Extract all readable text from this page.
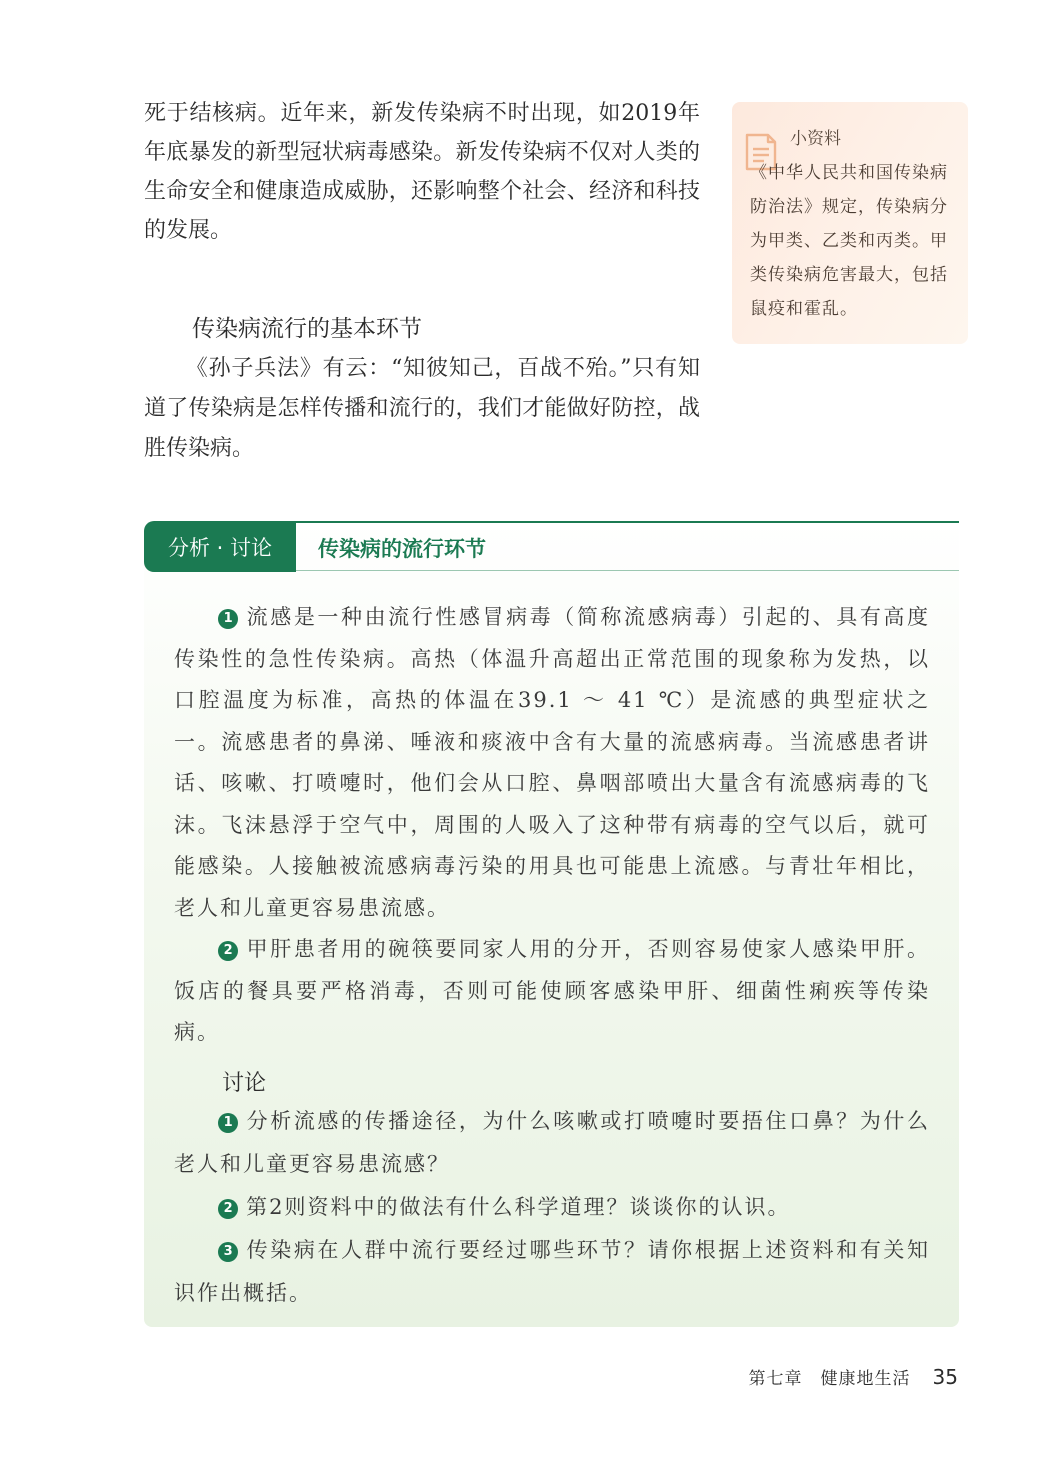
死于结核病。近年来，新发传染病不时出现，如2019年年底暴发的新型冠状病毒感染。新发传染病不仅对人类的生命安全和健康造成威胁，还影响整个社会、经济和科技的发展。

传染病流行的基本环节

《孙子兵法》有云：“知彼知己，百战不殆。”只有知道了传染病是怎样传播和流行的，我们才能做好防控，战胜传染病。

小资料
《中华人民共和国传染病防治法》规定，传染病分为甲类、乙类和丙类。甲类传染病危害最大，包括鼠疫和霍乱。
分析 · 讨论	传染病的流行环节

1 流感是一种由流行性感冒病毒（简称流感病毒）引起的、具有高度传染性的急性传染病。高热（体温升高超出正常范围的现象称为发热，以口腔温度为标准，高热的体温在39.1 ～ 41 ℃）是流感的典型症状之一。流感患者的鼻涕、唾液和痰液中含有大量的流感病毒。当流感患者讲话、咳嗽、打喷嚏时，他们会从口腔、鼻咽部喷出大量含有流感病毒的飞沫。飞沫悬浮于空气中，周围的人吸入了这种带有病毒的空气以后，就可能感染。人接触被流感病毒污染的用具也可能患上流感。与青壮年相比，老人和儿童更容易患流感。

2 甲肝患者用的碗筷要同家人用的分开，否则容易使家人感染甲肝。饭店的餐具要严格消毒，否则可能使顾客感染甲肝、细菌性痢疾等传染病。

讨论

1 分析流感的传播途径，为什么咳嗽或打喷嚏时要捂住口鼻？为什么老人和儿童更容易患流感？

2 第2则资料中的做法有什么科学道理？谈谈你的认识。

3 传染病在人群中流行要经过哪些环节？请你根据上述资料和有关知识作出概括。

第七章　健康地生活 35
